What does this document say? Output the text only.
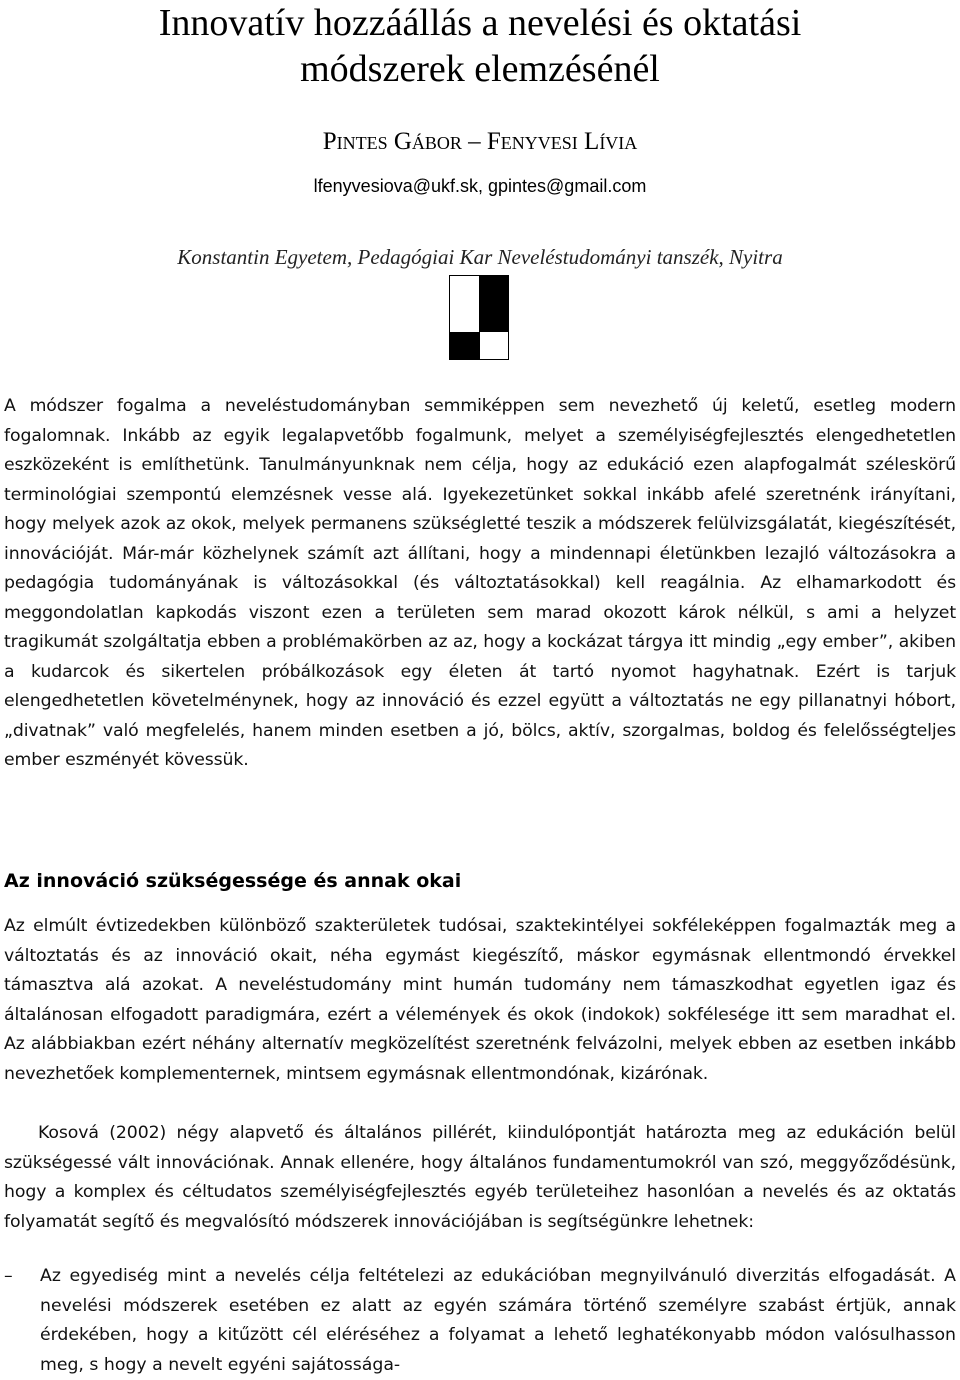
Innovatív hozzáállás a nevelési és oktatási
módszerek elemzésénél
Pintes Gábor – Fenyvesi Lívia
lfenyvesiova@ukf.sk, gpintes@gmail.com
Konstantin Egyetem, Pedagógiai Kar Neveléstudományi tanszék, Nyitra

A módszer fogalma a neveléstudományban semmiképpen sem nevezhető új keletű, esetleg modern fogalomnak. Inkább az egyik legalapvetőbb fogalmunk, melyet a személyiségfejlesztés elengedhetetlen eszközeként is említhetünk. Tanulmányunknak nem célja, hogy az edukáció ezen alapfogalmát széleskörű terminológiai szempontú elemzésnek vesse alá. Igyekezetünket sokkal inkább afelé szeretnénk irányítani, hogy melyek azok az okok, melyek permanens szükségletté teszik a módszerek felülvizsgálatát, kiegészítését, innovációját. Már-már közhelynek számít azt állítani, hogy a mindennapi életünkben lezajló változásokra a pedagógia tudományának is változásokkal (és változtatásokkal) kell reagálnia. Az elhamarkodott és meggondolatlan kapkodás viszont ezen a területen sem marad okozott károk nélkül, s ami a helyzet tragikumát szolgáltatja ebben a problémakörben az az, hogy a kockázat tárgya itt mindig „egy ember”, akiben a kudarcok és sikertelen próbálkozások egy életen át tartó nyomot hagyhatnak. Ezért is tarjuk elengedhetetlen követelménynek, hogy az innováció és ezzel együtt a változtatás ne egy pillanatnyi hóbort, „divatnak” való megfelelés, hanem minden esetben a jó, bölcs, aktív, szorgalmas, boldog és felelősségteljes ember eszményét kövessük.

Az innováció szükségessége és annak okai

Az elmúlt évtizedekben különböző szakterületek tudósai, szaktekintélyei sokféleképpen fogalmazták meg a változtatás és az innováció okait, néha egymást kiegészítő, máskor egymásnak ellentmondó érvekkel támasztva alá azokat. A neveléstudomány mint humán tudomány nem támaszkodhat egyetlen igaz és általánosan elfogadott paradigmára, ezért a vélemények és okok (indokok) sokfélesége itt sem maradhat el. Az alábbiakban ezért néhány alternatív megközelítést szeretnénk felvázolni, melyek ebben az esetben inkább nevezhetőek komplementernek, mintsem egymásnak ellentmondónak, kizárónak.

Kosová (2002) négy alapvető és általános pillérét, kiindulópontját határozta meg az edukáción belül szükségessé vált innovációnak. Annak ellenére, hogy általános fundamentumokról van szó, meggyőződésünk, hogy a komplex és céltudatos személyiségfejlesztés egyéb területeihez hasonlóan a nevelés és az oktatás folyamatát segítő és megvalósító módszerek innovációjában is segítségünkre lehetnek:

– Az egyediség mint a nevelés célja feltételezi az edukációban megnyilvánuló diverzitás elfogadását. A nevelési módszerek esetében ez alatt az egyén számára történő személyre szabást értjük, annak érdekében, hogy a kitűzött cél eléréséhez a folyamat a lehető leghatékonyabb módon valósulhasson meg, s hogy a nevelt egyéni sajátossága-
